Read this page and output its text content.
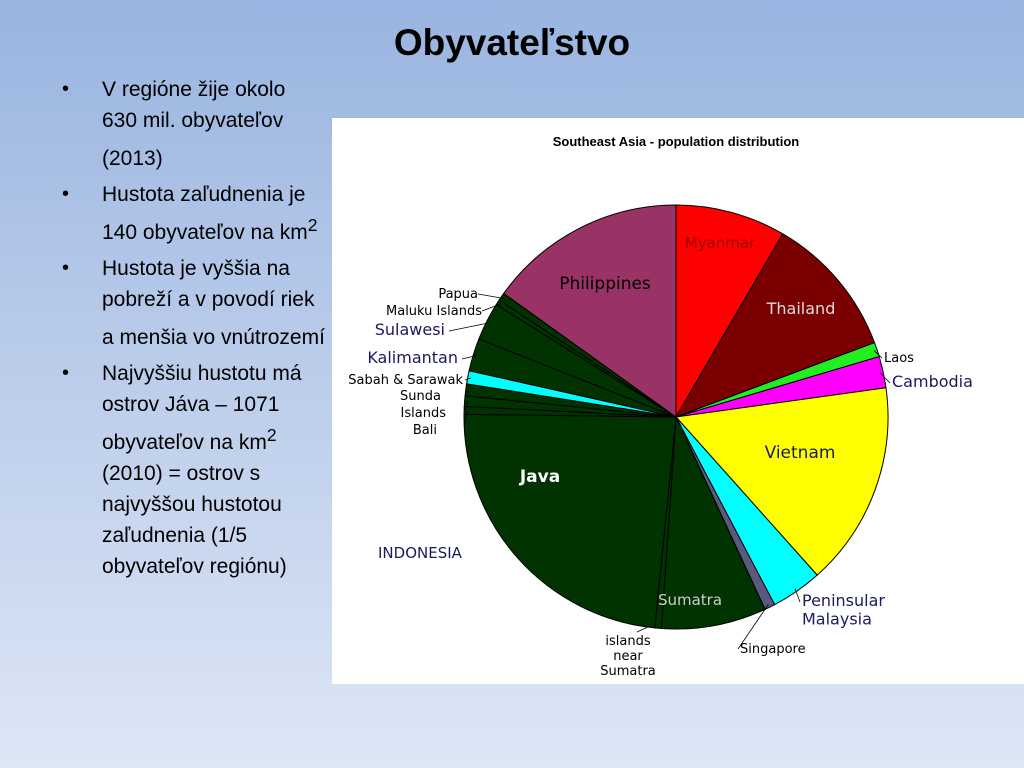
Obyvateľstvo
• V regióne žije okolo 630 mil. obyvateľov (2013)
• Hustota zaľudnenia je 140 obyvateľov na $km^2$
• Hustota je vyššia na pobreží a v povodí riek a menšia vo vnútrozemí
• Najvyššiu hustotu má ostrov Jáva – 1071 obyvateľov na $km^2$ (2010) = ostrov s najvyššou hustotou zaľudnenia (1/5 obyvateľov regiónu)
Southeast Asia - population distribution
Myanmar
Thailand
Laos
Cambodia
Vietnam
Peninsular Malaysia
Singapore
Sumatra
Java
Bali
Islands
Sunda
Sabah & Sarawak
Kalimantan
Sulawesi
Maluku Islands
Papua
Philippines
INDONESIA
islands near Sumatra
